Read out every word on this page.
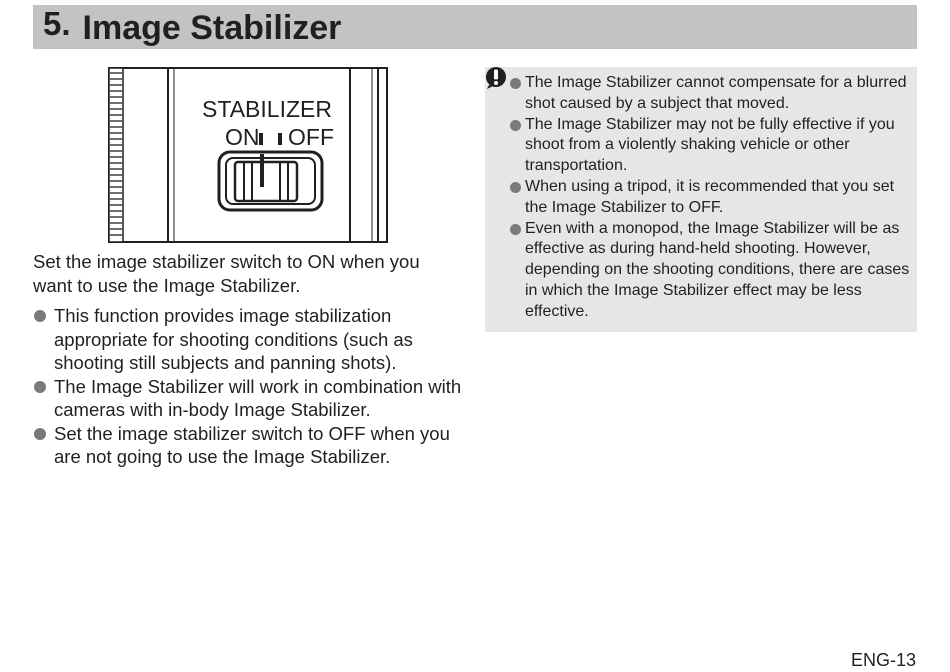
5. Image Stabilizer
STABILIZER
ON OFF

Set the image stabilizer switch to ON when you want to use the Image Stabilizer.

This function provides image stabilization appropriate for shooting conditions (such as shooting still subjects and panning shots).
The Image Stabilizer will work in combination with cameras with in-body Image Stabilizer.
Set the image stabilizer switch to OFF when you are not going to use the Image Stabilizer.
The Image Stabilizer cannot compensate for a blurred shot caused by a subject that moved.
The Image Stabilizer may not be fully effective if you shoot from a violently shaking vehicle or other transportation.
When using a tripod, it is recommended that you set the Image Stabilizer to OFF.
Even with a monopod, the Image Stabilizer will be as effective as during hand-held shooting. However, depending on the shooting conditions, there are cases in which the Image Stabilizer effect may be less effective.
ENG-13
